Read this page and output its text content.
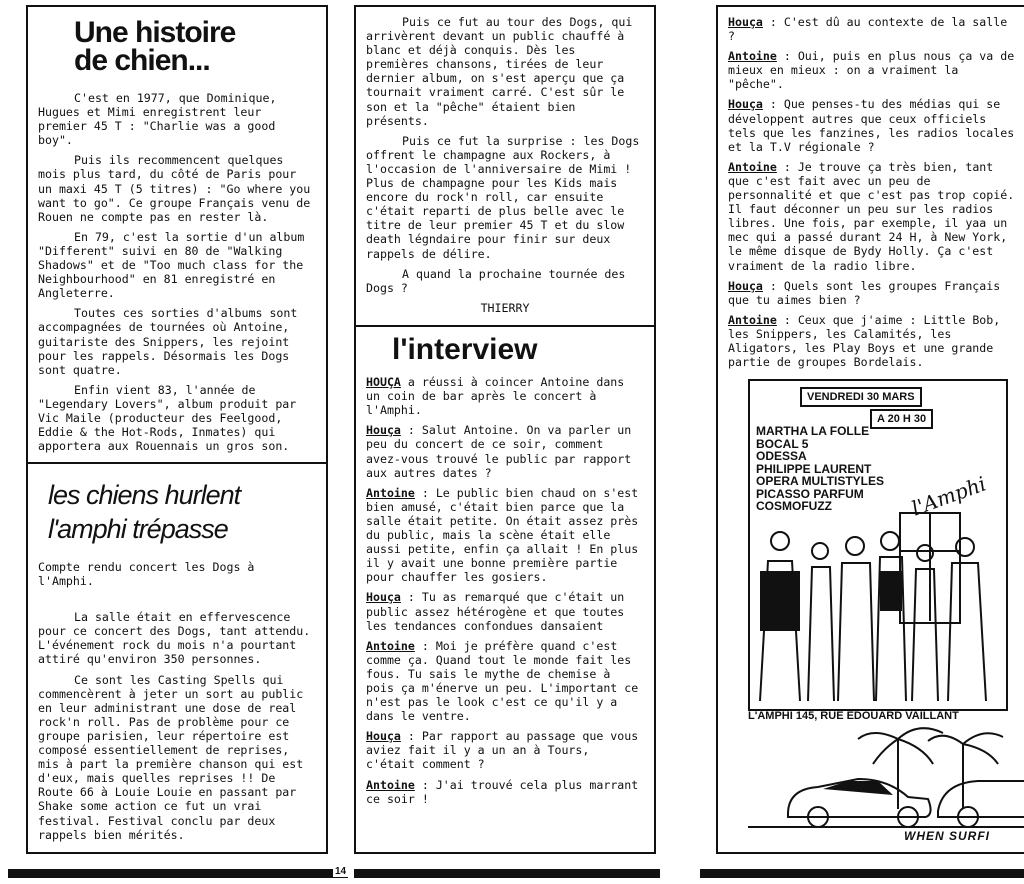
Une histoire
de chien...

C'est en 1977, que Dominique, Hugues et Mimi enregistrent leur premier 45 T : "Charlie was a good boy".

Puis ils recommencent quelques mois plus tard, du côté de Paris pour un maxi 45 T (5 titres) : "Go where you want to go". Ce groupe Français venu de Rouen ne compte pas en rester là.

En 79, c'est la sortie d'un album "Different" suivi en 80 de "Walking Shadows" et de "Too much class for the Neighbourhood" en 81 enregistré en Angleterre.

Toutes ces sorties d'albums sont accompagnées de tournées où Antoine, guitariste des Snippers, les rejoint pour les rappels. Désormais les Dogs sont quatre.

Enfin vient 83, l'année de "Legendary Lovers", album produit par Vic Maile (producteur des Feelgood, Eddie & the Hot-Rods, Inmates) qui apportera aux Rouennais un gros son.

les chiens hurlent
l'amphi trépasse

Compte rendu concert les Dogs à l'Amphi.

La salle était en effervescence pour ce concert des Dogs, tant attendu. L'événement rock du mois n'a pourtant attiré qu'environ 350 personnes.

Ce sont les Casting Spells qui commencèrent à jeter un sort au public en leur administrant une dose de real rock'n roll. Pas de problème pour ce groupe parisien, leur répertoire est composé essentiellement de reprises, mis à part la première chanson qui est d'eux, mais quelles reprises !! De Route 66 à Louie Louie en passant par Shake some action ce fut un vrai festival. Festival conclu par deux rappels bien mérités.

Puis ce fut au tour des Dogs, qui arrivèrent devant un public chauffé à blanc et déjà conquis. Dès les premières chansons, tirées de leur dernier album, on s'est aperçu que ça tournait vraiment carré. C'est sûr le son et la "pêche" étaient bien présents.

Puis ce fut la surprise : les Dogs offrent le champagne aux Rockers, à l'occasion de l'anniversaire de Mimi ! Plus de champagne pour les Kids mais encore du rock'n roll, car ensuite c'était reparti de plus belle avec le titre de leur premier 45 T et du slow death légndaire pour finir sur deux rappels de délire.

A quand la prochaine tournée des Dogs ?

THIERRY

l'interview

HOUÇA a réussi à coincer Antoine dans un coin de bar après le concert à l'Amphi.

Houça : Salut Antoine. On va parler un peu du concert de ce soir, comment avez-vous trouvé le public par rapport aux autres dates ?

Antoine : Le public bien chaud on s'est bien amusé, c'était bien parce que la salle était petite. On était assez près du public, mais la scène était elle aussi petite, enfin ça allait ! En plus il y avait une bonne première partie pour chauffer les gosiers.

Houça : Tu as remarqué que c'était un public assez hétérogène et que toutes les tendances confondues dansaient

Antoine : Moi je préfère quand c'est comme ça. Quand tout le monde fait les fous. Tu sais le mythe de chemise à pois ça m'énerve un peu. L'important ce n'est pas le look c'est ce qu'il y a dans le ventre.

Houça : Par rapport au passage que vous aviez fait il y a un an à Tours, c'était comment ?

Antoine : J'ai trouvé cela plus marrant ce soir !

Houça : C'est dû au contexte de la salle ?

Antoine : Oui, puis en plus nous ça va de mieux en mieux : on a vraiment la "pêche".

Houça : Que penses-tu des médias qui se développent autres que ceux officiels tels que les fanzines, les radios locales et la T.V régionale ?

Antoine : Je trouve ça très bien, tant que c'est fait avec un peu de personnalité et que c'est pas trop copié. Il faut déconner un peu sur les radios libres. Une fois, par exemple, il yaa un mec qui a passé durant 24 H, à New York, le même disque de Bydy Holly. Ça c'est vraiment de la radio libre.

Houça : Quels sont les groupes Français que tu aimes bien ?

Antoine : Ceux que j'aime : Little Bob, les Snippers, les Calamités, les Aligators, les Play Boys et une grande partie de groupes Bordelais.

VENDREDI 30 MARS
A 20 H 30
MARTHA LA FOLLE
BOCAL 5
ODESSA
PHILIPPE LAURENT
OPERA MULTISTYLES
PICASSO PARFUM
COSMOFUZZ	l'Amphi
L'AMPHI 145, RUE EDOUARD VAILLANT
WHEN SURFI
14
